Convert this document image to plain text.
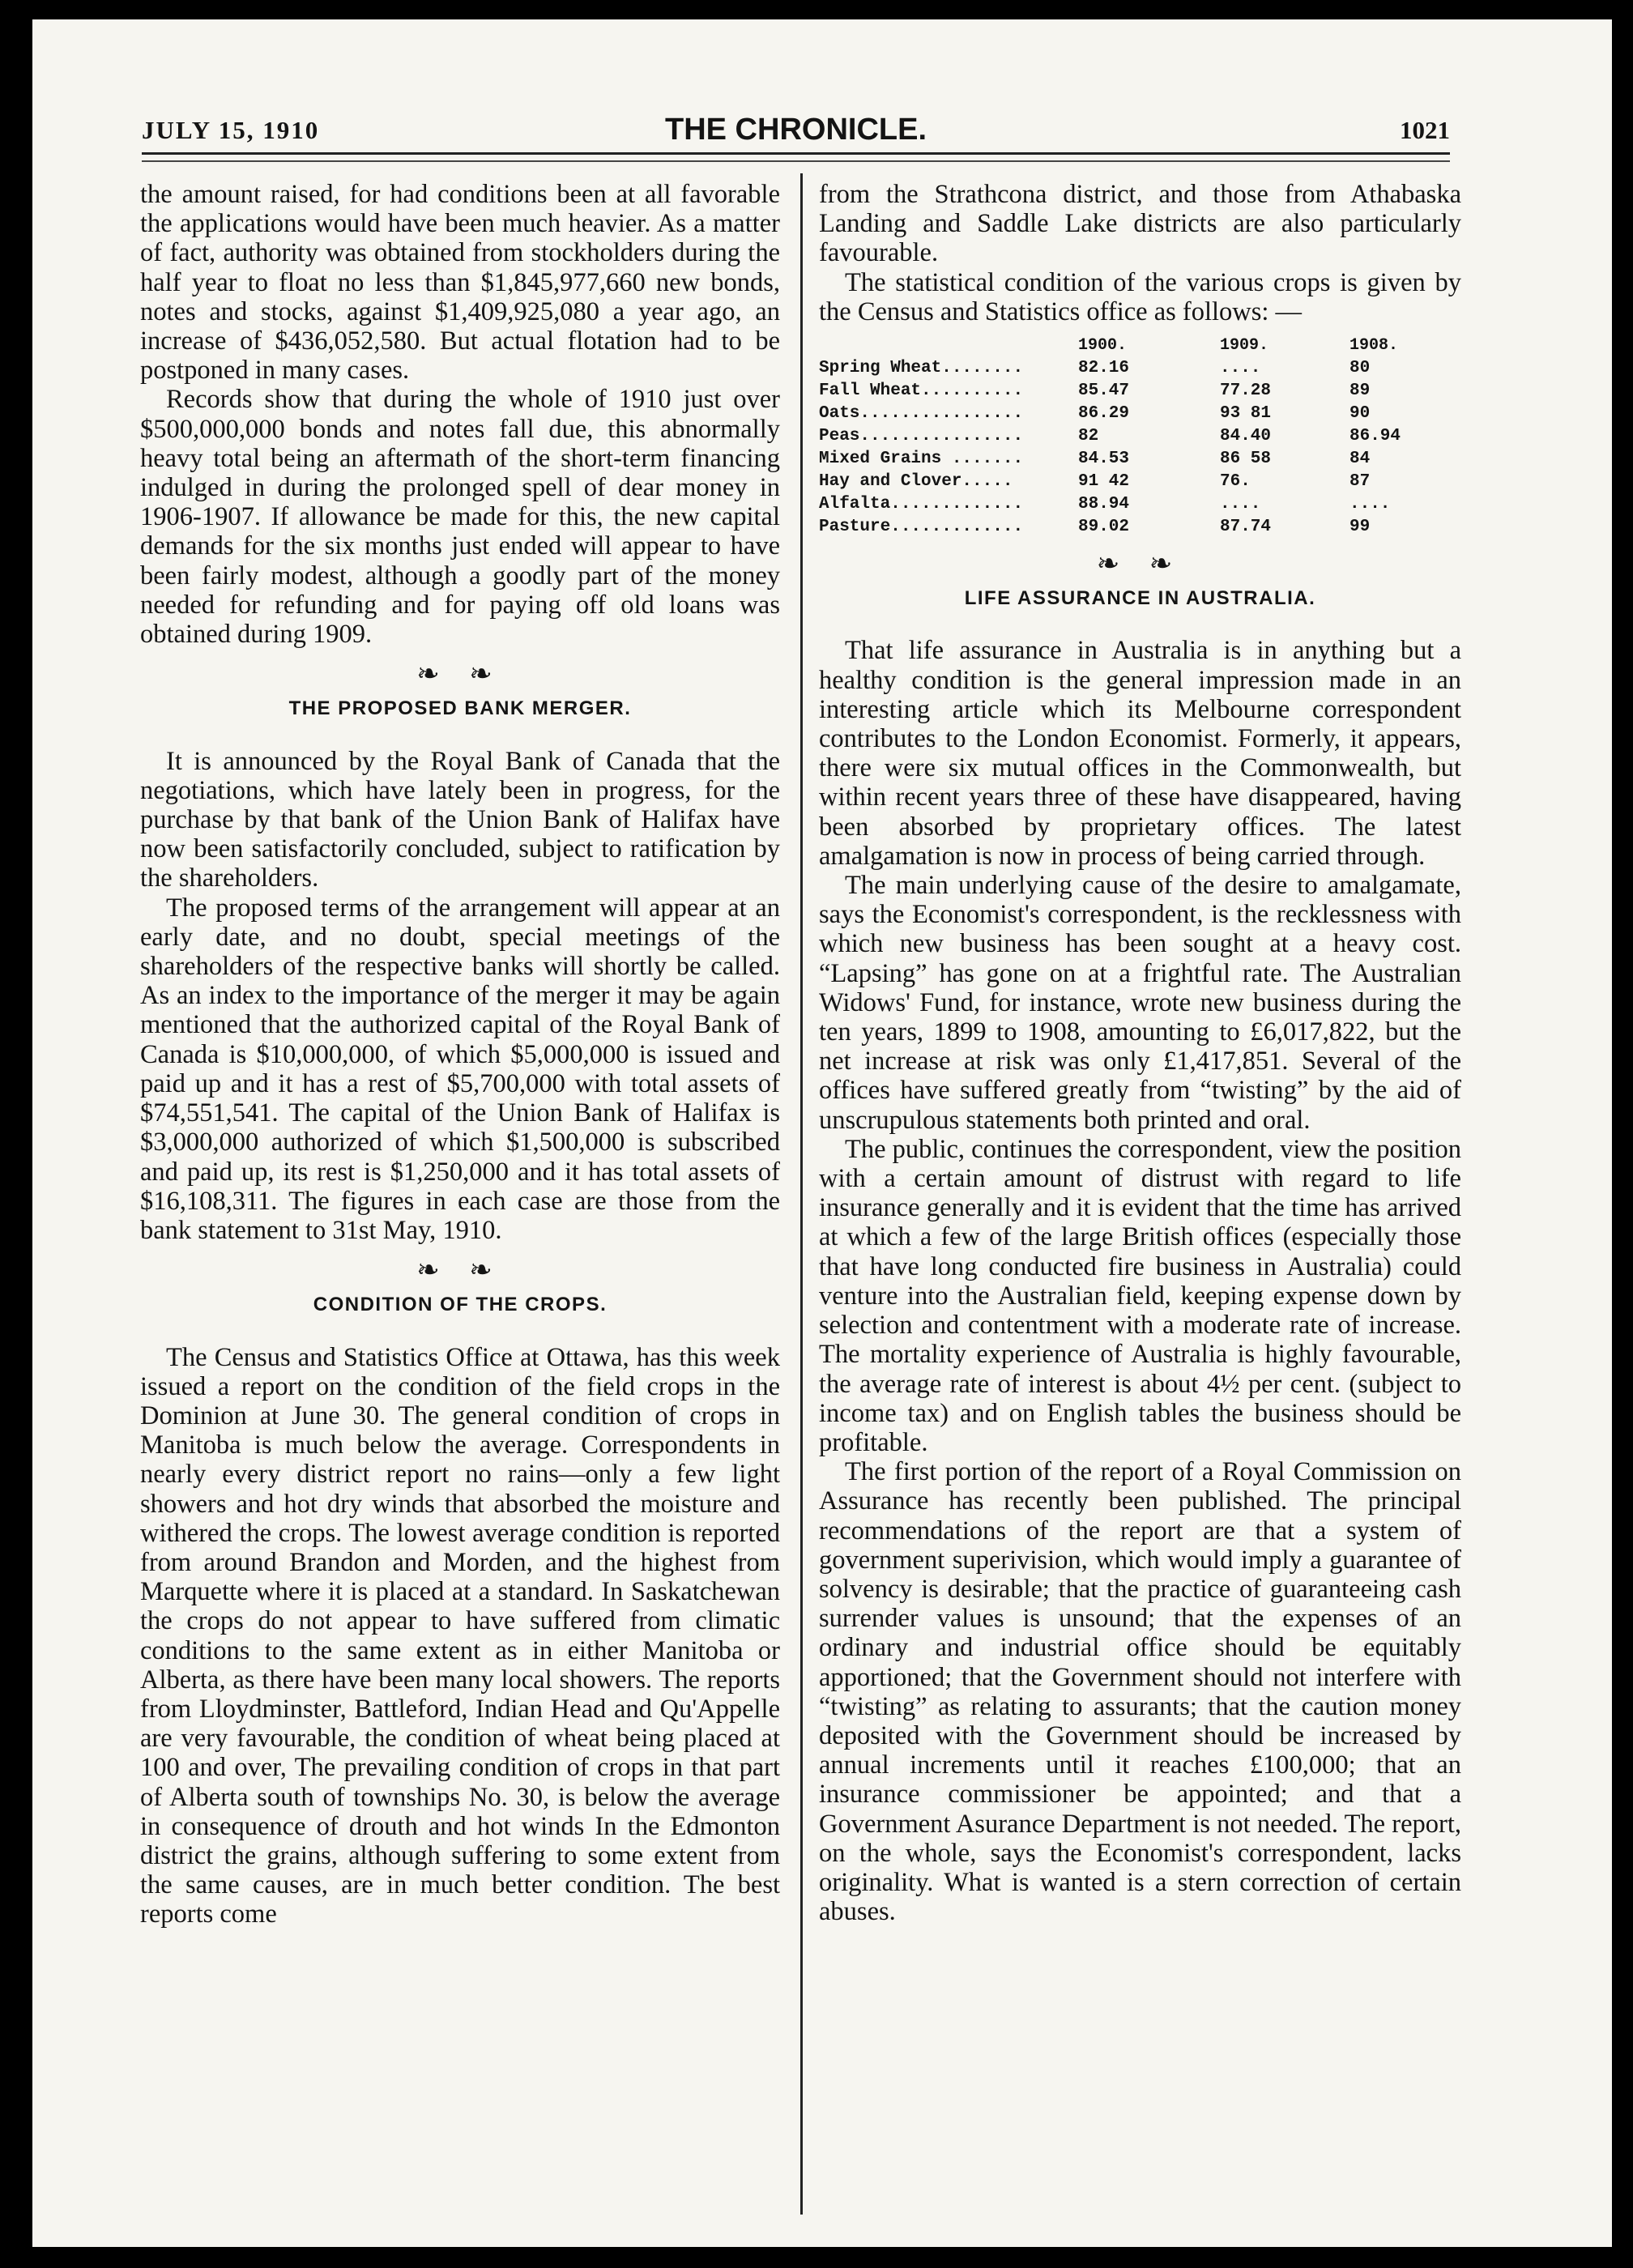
JULY 15, 1910	THE CHRONICLE.	1021

the amount raised, for had conditions been at all favorable the applications would have been much heavier. As a matter of fact, authority was obtained from stockholders during the half year to float no less than $1,845,977,660 new bonds, notes and stocks, against $1,409,925,080 a year ago, an increase of $436,052,580. But actual flotation had to be postponed in many cases.

Records show that during the whole of 1910 just over $500,000,000 bonds and notes fall due, this abnormally heavy total being an aftermath of the short-term financing indulged in during the prolonged spell of dear money in 1906-1907. If allowance be made for this, the new capital demands for the six months just ended will appear to have been fairly modest, although a goodly part of the money needed for refunding and for paying off old loans was obtained during 1909.

❧ ❧
THE PROPOSED BANK MERGER.

It is announced by the Royal Bank of Canada that the negotiations, which have lately been in progress, for the purchase by that bank of the Union Bank of Halifax have now been satisfactorily concluded, subject to ratification by the shareholders.

The proposed terms of the arrangement will appear at an early date, and no doubt, special meetings of the shareholders of the respective banks will shortly be called. As an index to the importance of the merger it may be again mentioned that the authorized capital of the Royal Bank of Canada is $10,000,000, of which $5,000,000 is issued and paid up and it has a rest of $5,700,000 with total assets of $74,551,541. The capital of the Union Bank of Halifax is $3,000,000 authorized of which $1,500,000 is subscribed and paid up, its rest is $1,250,000 and it has total assets of $16,108,311. The figures in each case are those from the bank statement to 31st May, 1910.

❧ ❧
CONDITION OF THE CROPS.

The Census and Statistics Office at Ottawa, has this week issued a report on the condition of the field crops in the Dominion at June 30. The general condition of crops in Manitoba is much below the average. Correspondents in nearly every district report no rains—only a few light showers and hot dry winds that absorbed the moisture and withered the crops. The lowest average condition is reported from around Brandon and Morden, and the highest from Marquette where it is placed at a standard. In Saskatchewan the crops do not appear to have suffered from climatic conditions to the same extent as in either Manitoba or Alberta, as there have been many local showers. The reports from Lloydminster, Battleford, Indian Head and Qu'Appelle are very favourable, the condition of wheat being placed at 100 and over, The prevailing condition of crops in that part of Alberta south of townships No. 30, is below the average in consequence of drouth and hot winds In the Edmonton district the grains, although suffering to some extent from the same causes, are in much better condition. The best reports come

from the Strathcona district, and those from Athabaska Landing and Saddle Lake districts are also particularly favourable.

The statistical condition of the various crops is given by the Census and Statistics office as follows: —

	1900.	1909.	1908.
Spring Wheat........	82.16	....	80
Fall Wheat..........	85.47	77.28	89
Oats................	86.29	93 81	90
Peas................	82	84.40	86.94
Mixed Grains .......	84.53	86 58	84
Hay and Clover.....	91 42	76.	87
Alfalta.............	88.94	....	....
Pasture.............	89.02	87.74	99
❧ ❧
LIFE ASSURANCE IN AUSTRALIA.

That life assurance in Australia is in anything but a healthy condition is the general impression made in an interesting article which its Melbourne correspondent contributes to the London Economist. Formerly, it appears, there were six mutual offices in the Commonwealth, but within recent years three of these have disappeared, having been absorbed by proprietary offices. The latest amalgamation is now in process of being carried through.

The main underlying cause of the desire to amalgamate, says the Economist's correspondent, is the recklessness with which new business has been sought at a heavy cost. “Lapsing” has gone on at a frightful rate. The Australian Widows' Fund, for instance, wrote new business during the ten years, 1899 to 1908, amounting to £6,017,822, but the net increase at risk was only £1,417,851. Several of the offices have suffered greatly from “twisting” by the aid of unscrupulous statements both printed and oral.

The public, continues the correspondent, view the position with a certain amount of distrust with regard to life insurance generally and it is evident that the time has arrived at which a few of the large British offices (especially those that have long conducted fire business in Australia) could venture into the Australian field, keeping expense down by selection and contentment with a moderate rate of increase. The mortality experience of Australia is highly favourable, the average rate of interest is about 4½ per cent. (subject to income tax) and on English tables the business should be profitable.

The first portion of the report of a Royal Commission on Assurance has recently been published. The principal recommendations of the report are that a system of government superivision, which would imply a guarantee of solvency is desirable; that the practice of guaranteeing cash surrender values is unsound; that the expenses of an ordinary and industrial office should be equitably apportioned; that the Government should not interfere with “twisting” as relating to assurants; that the caution money deposited with the Government should be increased by annual increments until it reaches £100,000; that an insurance commissioner be appointed; and that a Government Asurance Department is not needed. The report, on the whole, says the Economist's correspondent, lacks originality. What is wanted is a stern correction of certain abuses.
